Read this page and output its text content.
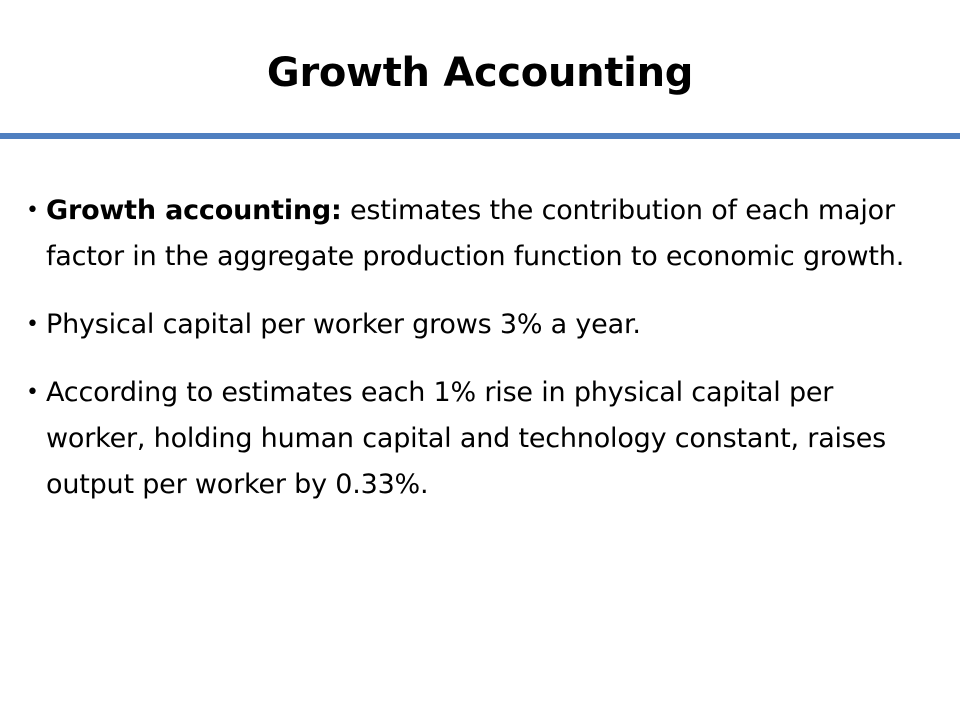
Growth Accounting
• Growth accounting: estimates the contribution of each major factor in the aggregate production function to economic growth.
• Physical capital per worker grows 3% a year.
• According to estimates each 1% rise in physical capital per worker, holding human capital and technology constant, raises output per worker by 0.33%.
